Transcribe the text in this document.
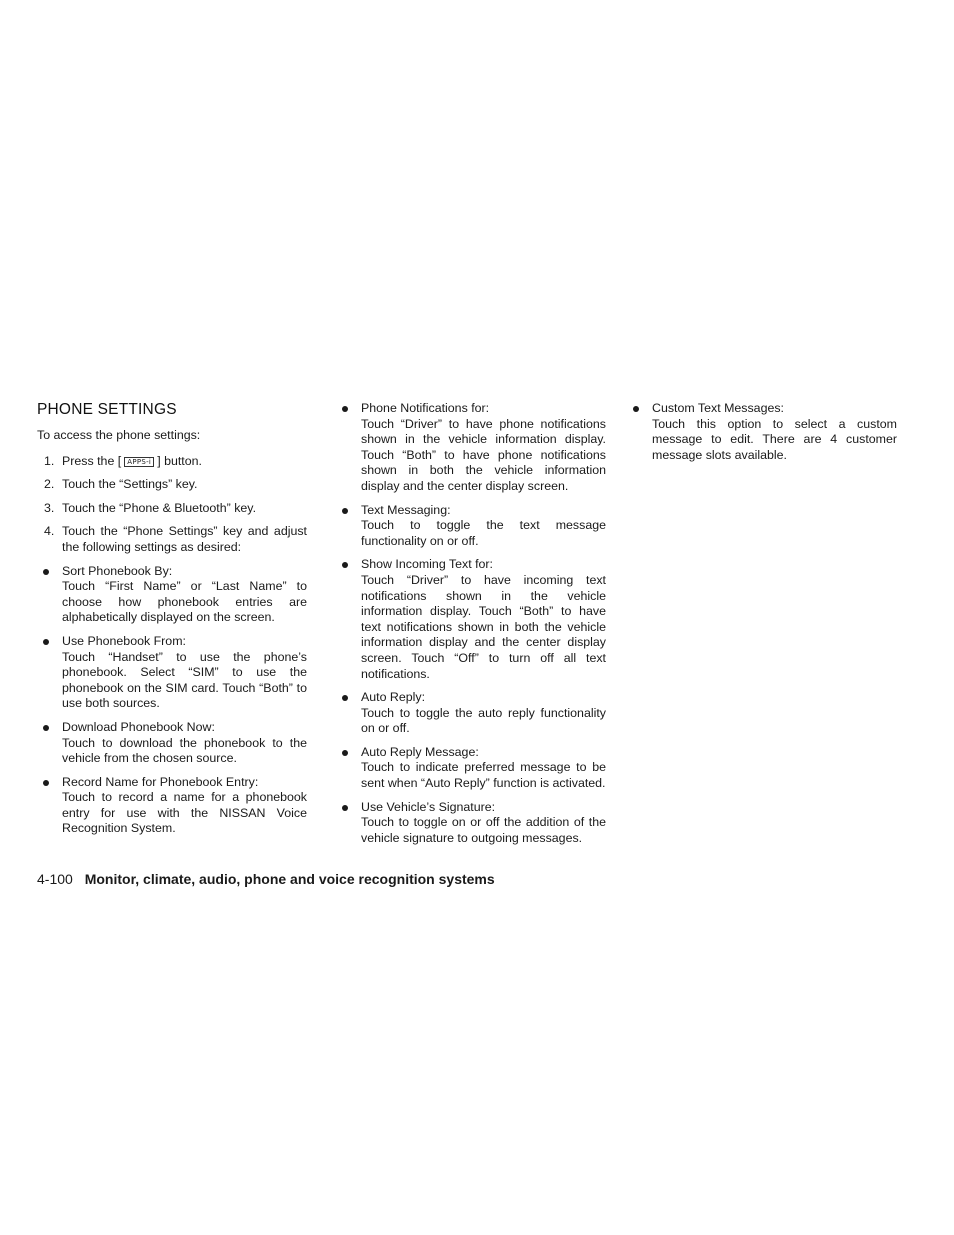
PHONE SETTINGS
To access the phone settings:
1. Press the [ APPS-i ] button.
2. Touch the “Settings” key.
3. Touch the “Phone & Bluetooth” key.
4. Touch the “Phone Settings” key and adjust the following settings as desired:
Sort Phonebook By:
Touch “First Name” or “Last Name” to choose how phonebook entries are alphabetically displayed on the screen.
Use Phonebook From:
Touch “Handset” to use the phone’s phonebook. Select “SIM” to use the phonebook on the SIM card. Touch “Both” to use both sources.
Download Phonebook Now:
Touch to download the phonebook to the vehicle from the chosen source.
Record Name for Phonebook Entry:
Touch to record a name for a phonebook entry for use with the NISSAN Voice Recognition System.
Phone Notifications for:
Touch “Driver” to have phone notifications shown in the vehicle information display. Touch “Both” to have phone notifications shown in both the vehicle information display and the center display screen.
Text Messaging:
Touch to toggle the text message functionality on or off.
Show Incoming Text for:
Touch “Driver” to have incoming text notifications shown in the vehicle information display. Touch “Both” to have text notifications shown in both the vehicle information display and the center display screen. Touch “Off” to turn off all text notifications.
Auto Reply:
Touch to toggle the auto reply functionality on or off.
Auto Reply Message:
Touch to indicate preferred message to be sent when “Auto Reply” function is activated.
Use Vehicle’s Signature:
Touch to toggle on or off the addition of the vehicle signature to outgoing messages.
Custom Text Messages:
Touch this option to select a custom message to edit. There are 4 customer message slots available.
4-100 Monitor, climate, audio, phone and voice recognition systems
